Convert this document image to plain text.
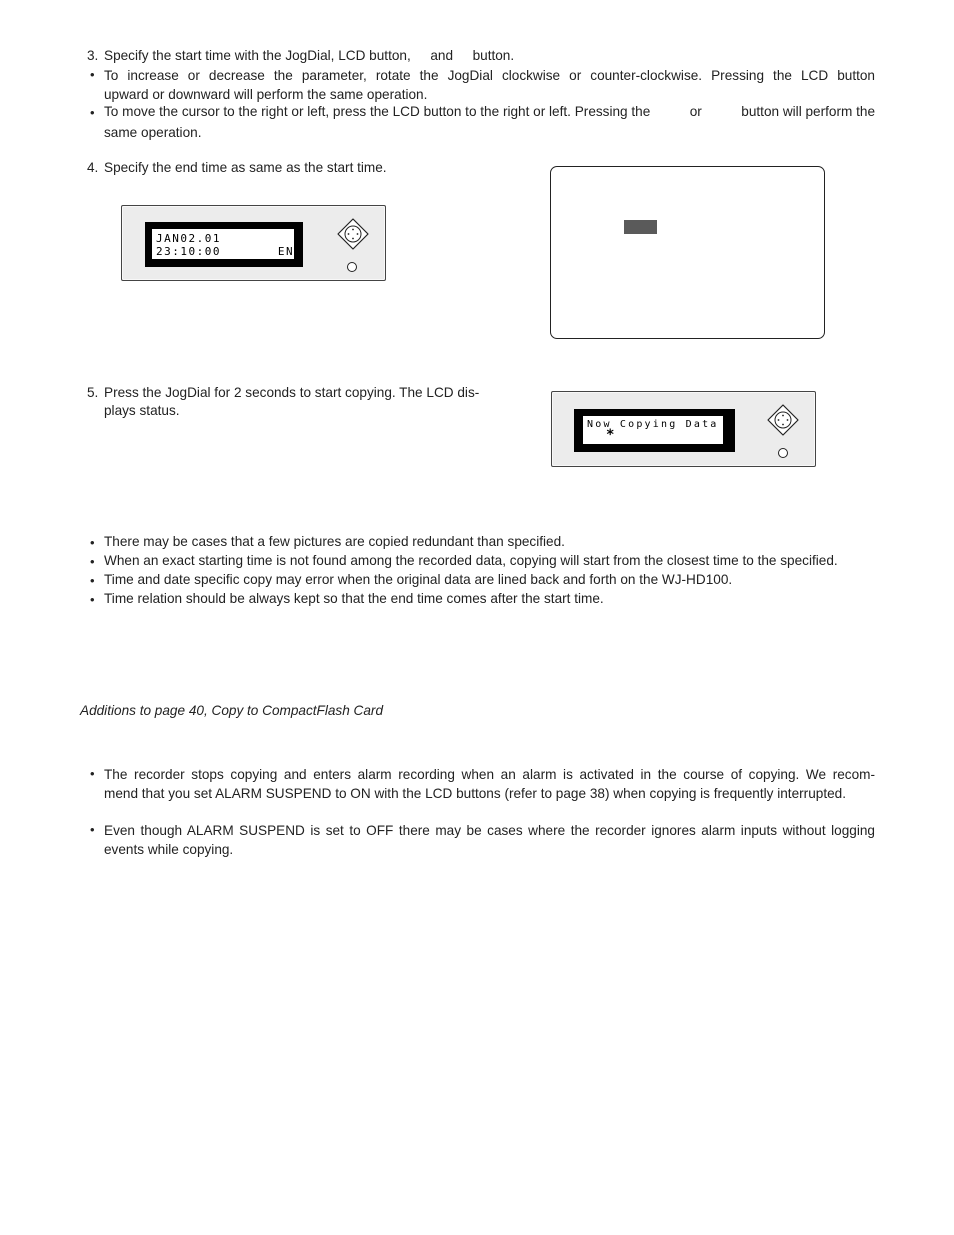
3. Specify the start time with the JogDial, LCD button, and button.
• To increase or decrease the parameter, rotate the JogDial clockwise or counter-clockwise. Pressing the LCD button
upward or downward will perform the same operation.
• To move the cursor to the right or left, press the LCD button to the right or left. Pressing the	or	button will perform the
same operation.
4. Specify the end time as same as the start time.
JAN02.01
23:10:00       END
5. Press the JogDial for 2 seconds to start copying. The LCD dis-
plays status.
Now Copying Data
*
• There may be cases that a few pictures are copied redundant than specified.
• When an exact starting time is not found among the recorded data, copying will start from the closest time to the specified.
• Time and date specific copy may error when the original data are lined back and forth on the WJ-HD100.
• Time relation should be always kept so that the end time comes after the start time.
Additions to page 40, Copy to CompactFlash Card
• The recorder stops copying and enters alarm recording when an alarm is activated in the course of copying. We recom-
mend that you set ALARM SUSPEND to ON with the LCD buttons (refer to page 38) when copying is frequently interrupted.
• Even though ALARM SUSPEND is set to OFF there may be cases where the recorder ignores alarm inputs without logging
events while copying.
